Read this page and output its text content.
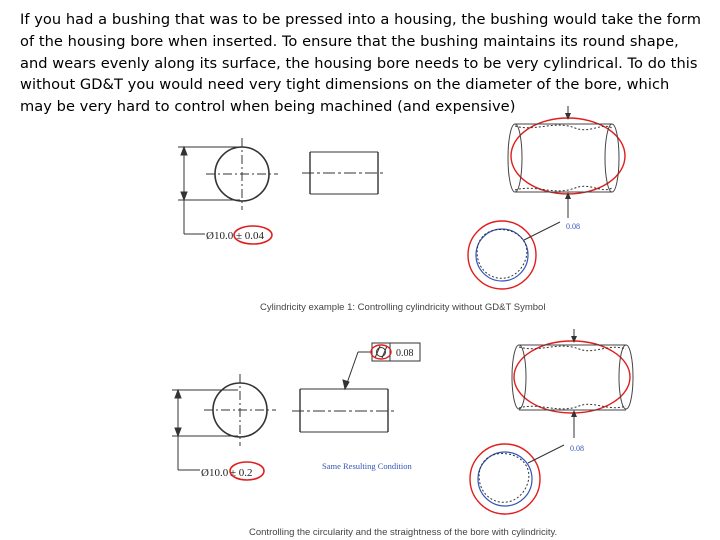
If you had a bushing that was to be pressed into a housing, the bushing would take the form
of the housing bore when inserted. To ensure that the bushing maintains its round shape,
and wears evenly along its surface, the housing bore needs to be very cylindrical. To do this
without GD&T you would need very tight dimensions on the diameter of the bore, which
may be very hard to control when being machined (and expensive)
Ø10.0 ± 0.04
0.08
Cylindricity example 1: Controlling cylindricity without GD&T Symbol
0.08
Ø10.0 ± 0.2
Same Resulting Condition
0.08
Controlling the circularity and the straightness of the bore with cylindricity.
